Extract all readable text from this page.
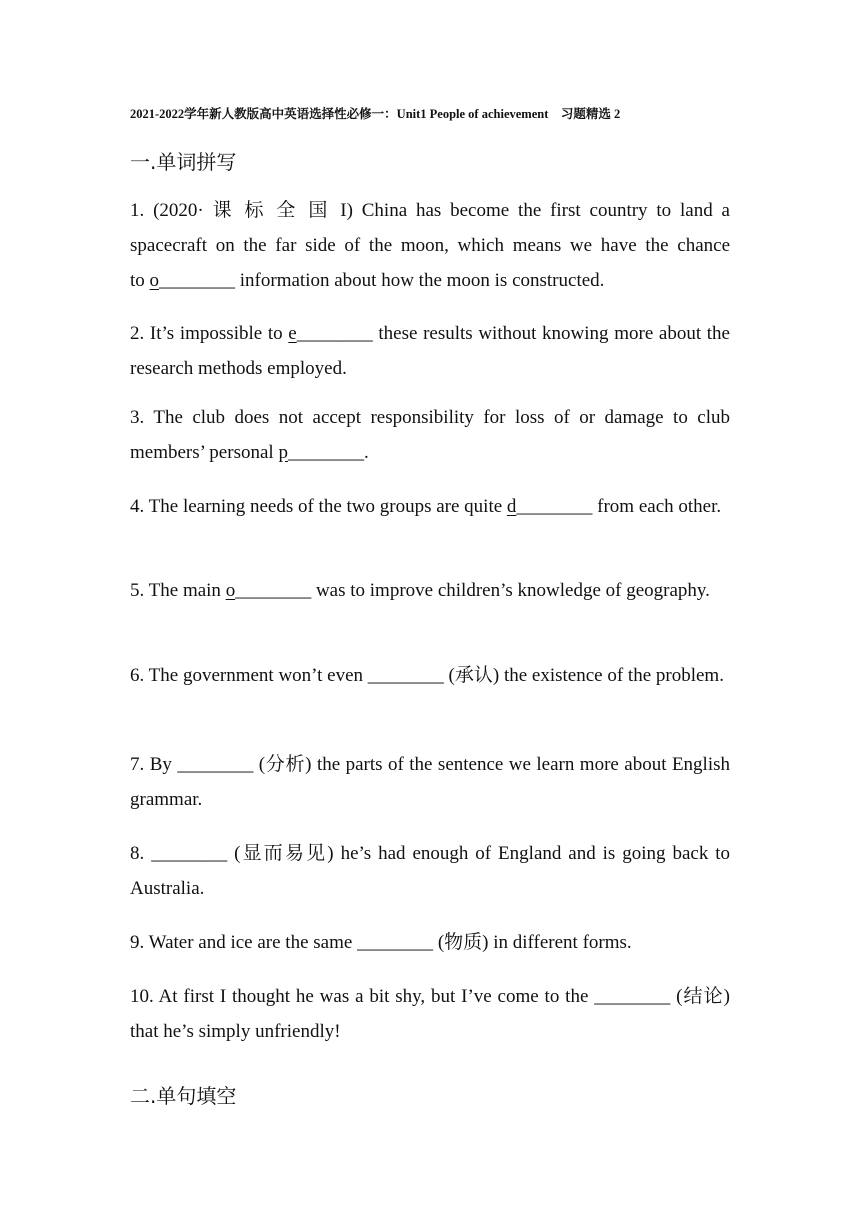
2021-2022学年新人教版高中英语选择性必修一：Unit1 People of achievement　习题精选 2
一.单词拼写

1. (2020· 课 标 全 国 I) China has become the first country to land a

spacecraft on the far side of the moon, which means we have the chance

to o________ information about how the moon is constructed.

2. It’s impossible to e________ these results without knowing more about the research methods employed.

3. The club does not accept responsibility for loss of or damage to club

members’ personal p________.

4. The learning needs of the two groups are quite d________ from each other.

5. The main o________ was to improve children’s knowledge of geography.

6. The government won’t even ________ (承认) the existence of the problem.

7. By ________ (分析) the parts of the sentence we learn more about English grammar.

8. ________ (显而易见) he’s had enough of England and is going back to Australia.

9. Water and ice are the same ________ (物质) in different forms.

10. At first I thought he was a bit shy, but I’ve come to the ________ (结论) that he’s simply unfriendly!

二.单句填空
